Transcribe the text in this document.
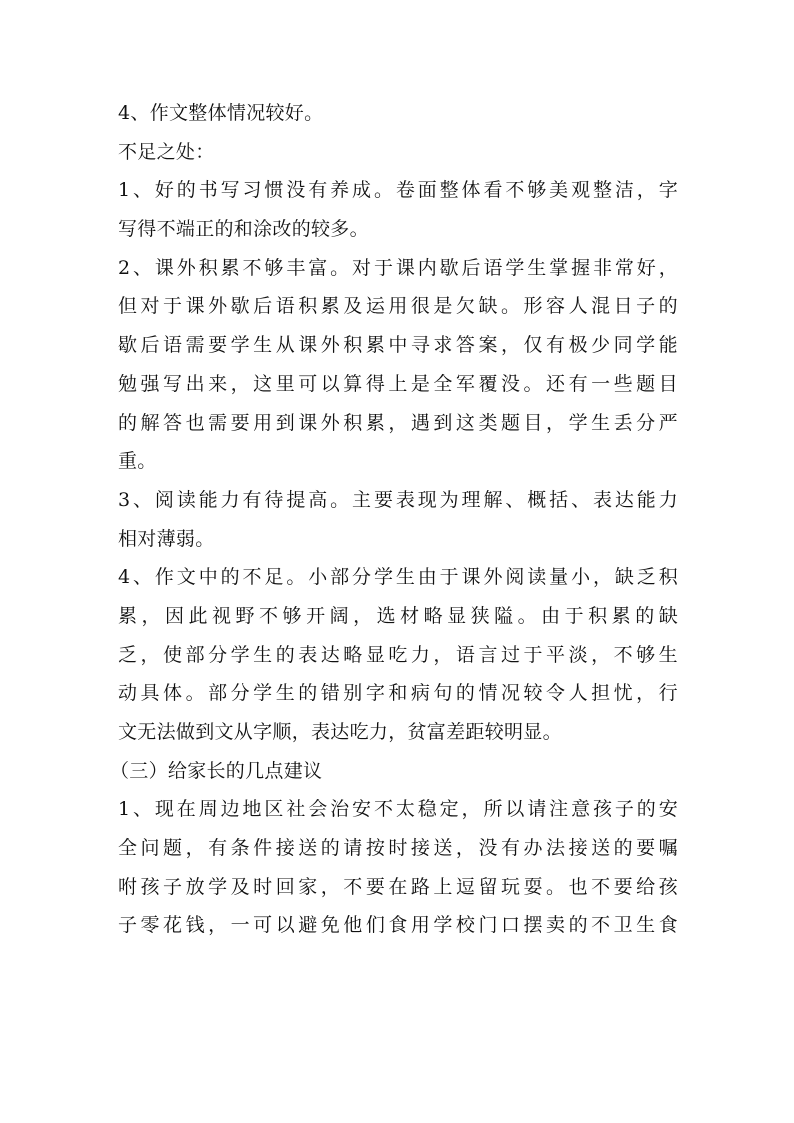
4、作文整体情况较好。
不足之处：
1、好的书写习惯没有养成。卷面整体看不够美观整洁，字
写得不端正的和涂改的较多。
2、课外积累不够丰富。对于课内歇后语学生掌握非常好，
但对于课外歇后语积累及运用很是欠缺。形容人混日子的
歇后语需要学生从课外积累中寻求答案，仅有极少同学能
勉强写出来，这里可以算得上是全军覆没。还有一些题目
的解答也需要用到课外积累，遇到这类题目，学生丢分严
重。
3、阅读能力有待提高。主要表现为理解、概括、表达能力
相对薄弱。
4、作文中的不足。小部分学生由于课外阅读量小，缺乏积
累，因此视野不够开阔，选材略显狭隘。由于积累的缺
乏，使部分学生的表达略显吃力，语言过于平淡，不够生
动具体。部分学生的错别字和病句的情况较令人担忧，行
文无法做到文从字顺，表达吃力，贫富差距较明显。
（三）给家长的几点建议
1、现在周边地区社会治安不太稳定，所以请注意孩子的安
全问题，有条件接送的请按时接送，没有办法接送的要嘱
咐孩子放学及时回家，不要在路上逗留玩耍。也不要给孩
子零花钱，一可以避免他们食用学校门口摆卖的不卫生食
